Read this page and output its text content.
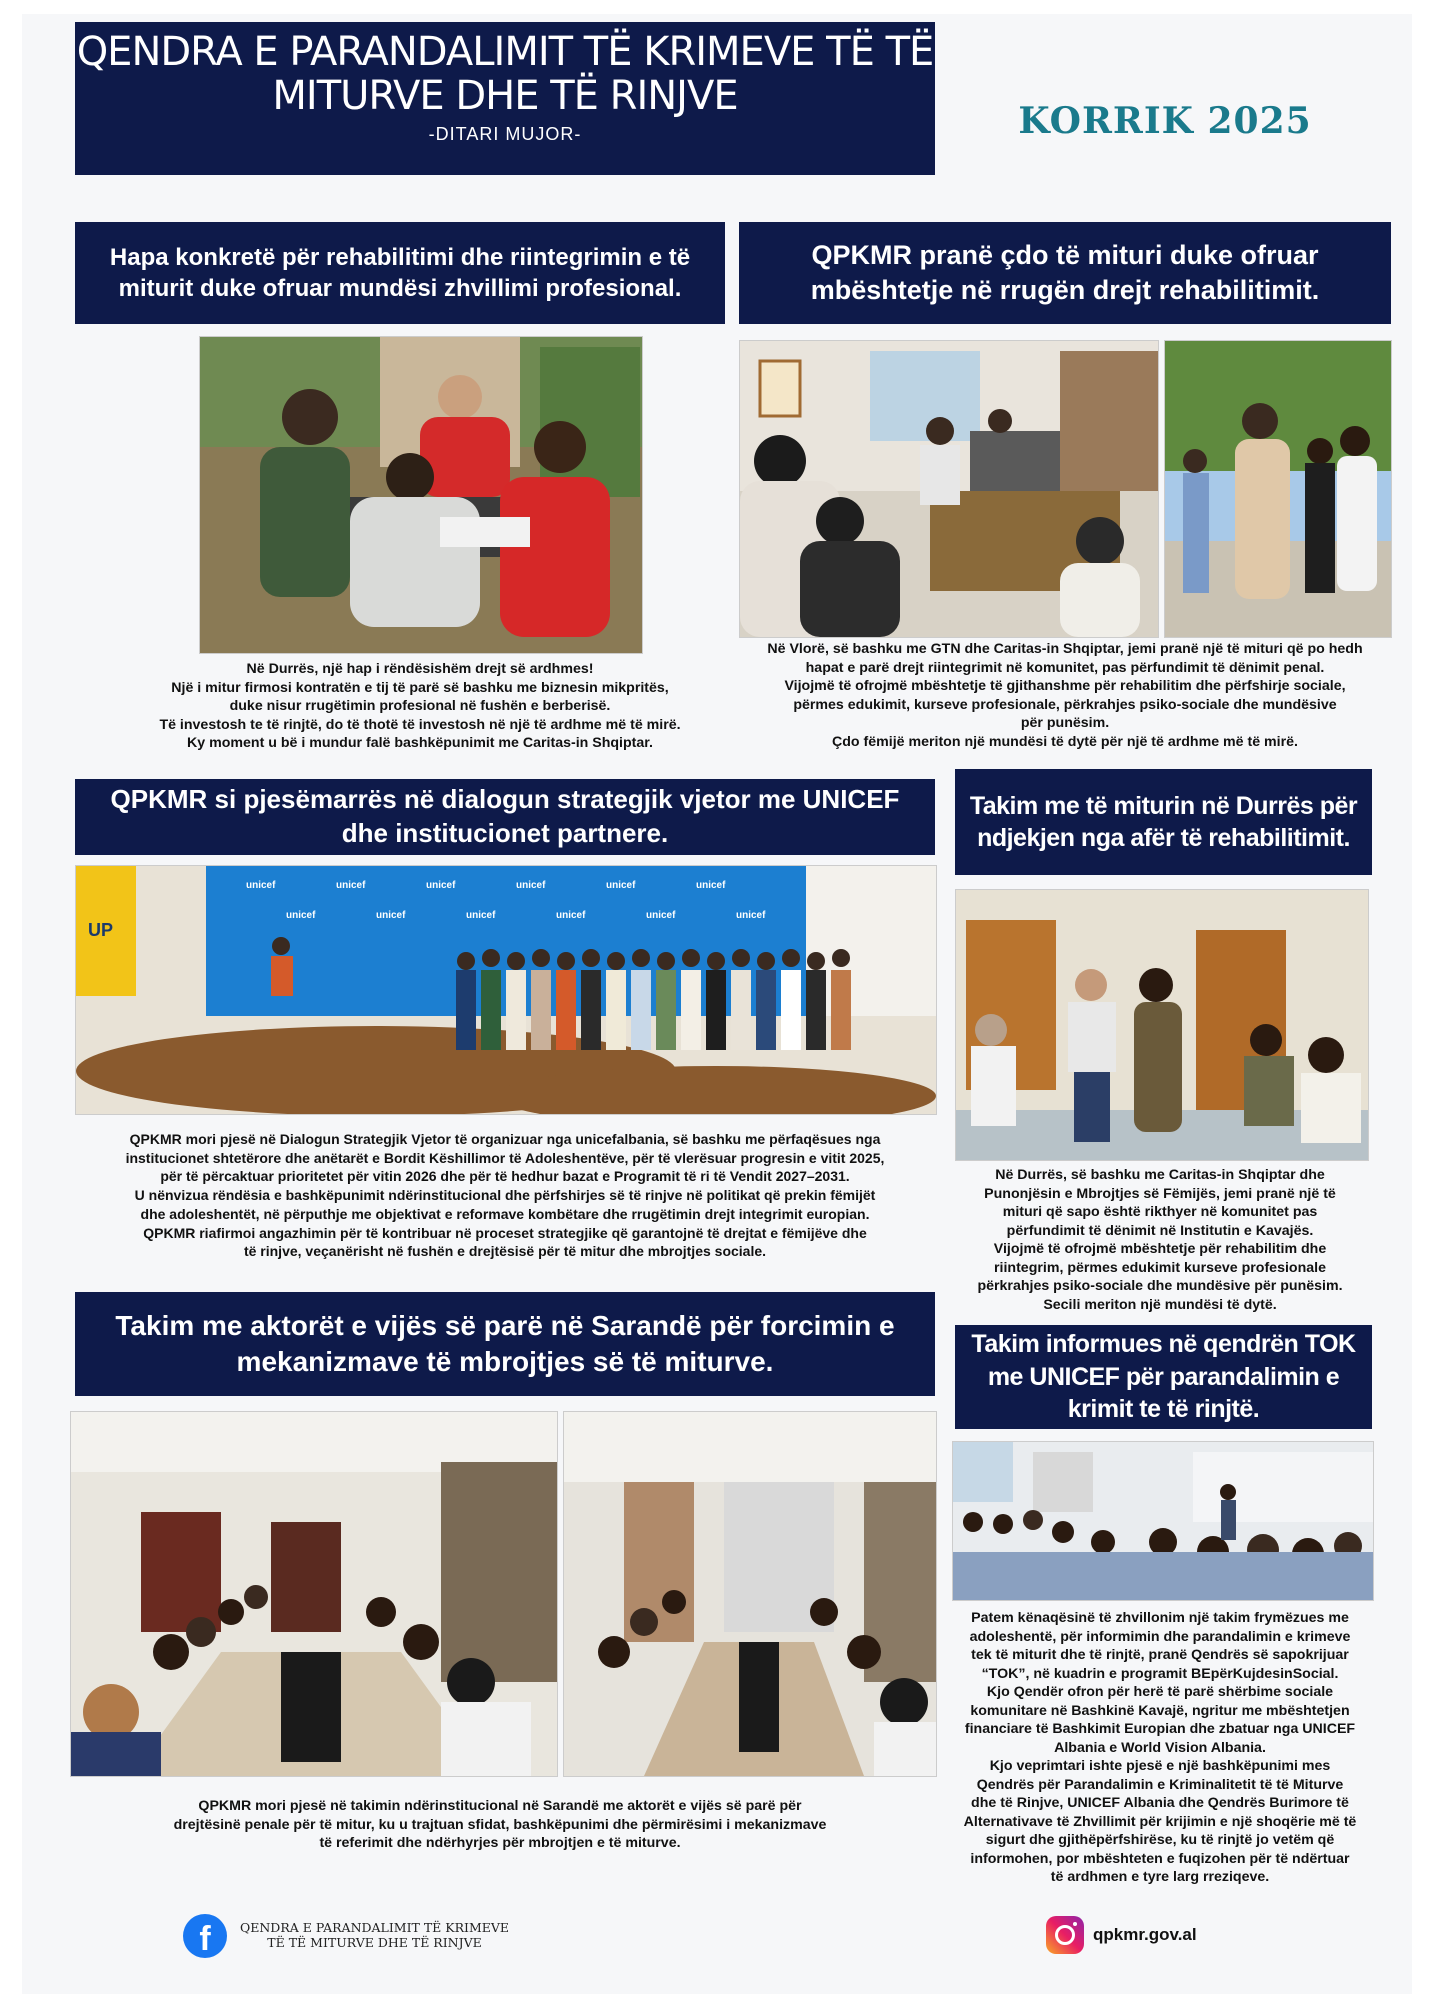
QENDRA E PARANDALIMIT TË KRIMEVE TË TË MITURVE DHE TË RINJVE
-DITARI MUJOR-	KORRIK 2025
Hapa konkretë për rehabilitimi dhe riintegrimin e të miturit duke ofruar mundësi zhvillimi profesional.

Në Durrës, një hap i rëndësishëm drejt së ardhmes!

Një i mitur firmosi kontratën e tij të parë së bashku me biznesin mikpritës,

duke nisur rrugëtimin profesional në fushën e berberisë.

Të investosh te të rinjtë, do të thotë të investosh në një të ardhme më të mirë.

Ky moment u bë i mundur falë bashkëpunimit me Caritas-in Shqiptar.

QPKMR pranë çdo të mituri duke ofruar mbështetje në rrugën drejt rehabilitimit.

Në Vlorë, së bashku me GTN dhe Caritas-in Shqiptar, jemi pranë një të mituri që po hedh

hapat e parë drejt riintegrimit në komunitet, pas përfundimit të dënimit penal.

Vijojmë të ofrojmë mbështetje të gjithanshme për rehabilitim dhe përfshirje sociale,

përmes edukimit, kurseve profesionale, përkrahjes psiko-sociale dhe mundësive

për punësim.

Çdo fëmijë meriton një mundësi të dytë për një të ardhme më të mirë.

QPKMR si pjesëmarrës në dialogun strategjik vjetor me UNICEF dhe institucionet partnere.
unicef	unicef	unicef	unicef	unicef	unicef
unicef	unicef	unicef	unicef	unicef	unicef
UP

QPKMR mori pjesë në Dialogun Strategjik Vjetor të organizuar nga unicefalbania, së bashku me përfaqësues nga

institucionet shtetërore dhe anëtarët e Bordit Këshillimor të Adoleshentëve, për të vlerësuar progresin e vitit 2025,

për të përcaktuar prioritetet për vitin 2026 dhe për të hedhur bazat e Programit të ri të Vendit 2027–2031.

U nënvizua rëndësia e bashkëpunimit ndërinstitucional dhe përfshirjes së të rinjve në politikat që prekin fëmijët

dhe adoleshentët, në përputhje me objektivat e reformave kombëtare dhe rrugëtimin drejt integrimit europian.

QPKMR riafirmoi angazhimin për të kontribuar në proceset strategjike që garantojnë të drejtat e fëmijëve dhe

të rinjve, veçanërisht në fushën e drejtësisë për të mitur dhe mbrojtjes sociale.

Takim me të miturin në Durrës për ndjekjen nga afër të rehabilitimit.

Në Durrës, së bashku me Caritas-in Shqiptar dhe

Punonjësin e Mbrojtjes së Fëmijës, jemi pranë një të

mituri që sapo është rikthyer në komunitet pas

përfundimit të dënimit në Institutin e Kavajës.

Vijojmë të ofrojmë mbështetje për rehabilitim dhe

riintegrim, përmes edukimit kurseve profesionale

përkrahjes psiko-sociale dhe mundësive për punësim.

Secili meriton një mundësi të dytë.

Takim me aktorët e vijës së parë në Sarandë për forcimin e mekanizmave të mbrojtjes së të miturve.

QPKMR mori pjesë në takimin ndërinstitucional në Sarandë me aktorët e vijës së parë për

drejtësinë penale për të mitur, ku u trajtuan sfidat, bashkëpunimi dhe përmirësimi i mekanizmave

të referimit dhe ndërhyrjes për mbrojtjen e të miturve.

Takim informues në qendrën TOK me UNICEF për parandalimin e krimit te të rinjtë.

Patem kënaqësinë të zhvillonim një takim frymëzues me

adoleshentë, për informimin dhe parandalimin e krimeve

tek të miturit dhe të rinjtë, pranë Qendrës së sapokrijuar

“TOK”, në kuadrin e programit BEpërKujdesinSocial.

Kjo Qendër ofron për herë të parë shërbime sociale

komunitare në Bashkinë Kavajë, ngritur me mbështetjen

financiare të Bashkimit Europian dhe zbatuar nga UNICEF

Albania e World Vision Albania.

Kjo veprimtari ishte pjesë e një bashkëpunimi mes

Qendrës për Parandalimin e Kriminalitetit të të Miturve

dhe të Rinjve, UNICEF Albania dhe Qendrës Burimore të

Alternativave të Zhvillimit për krijimin e një shoqërie më të

sigurt dhe gjithëpërfshirëse, ku të rinjtë jo vetëm që

informohen, por mbështeten e fuqizohen për të ndërtuar

të ardhmen e tyre larg rreziqeve.

f	QENDRA E PARANDALIMIT TË KRIMEVE
TË TË MITURVE DHE TË RINJVE	qpkmr.gov.al
